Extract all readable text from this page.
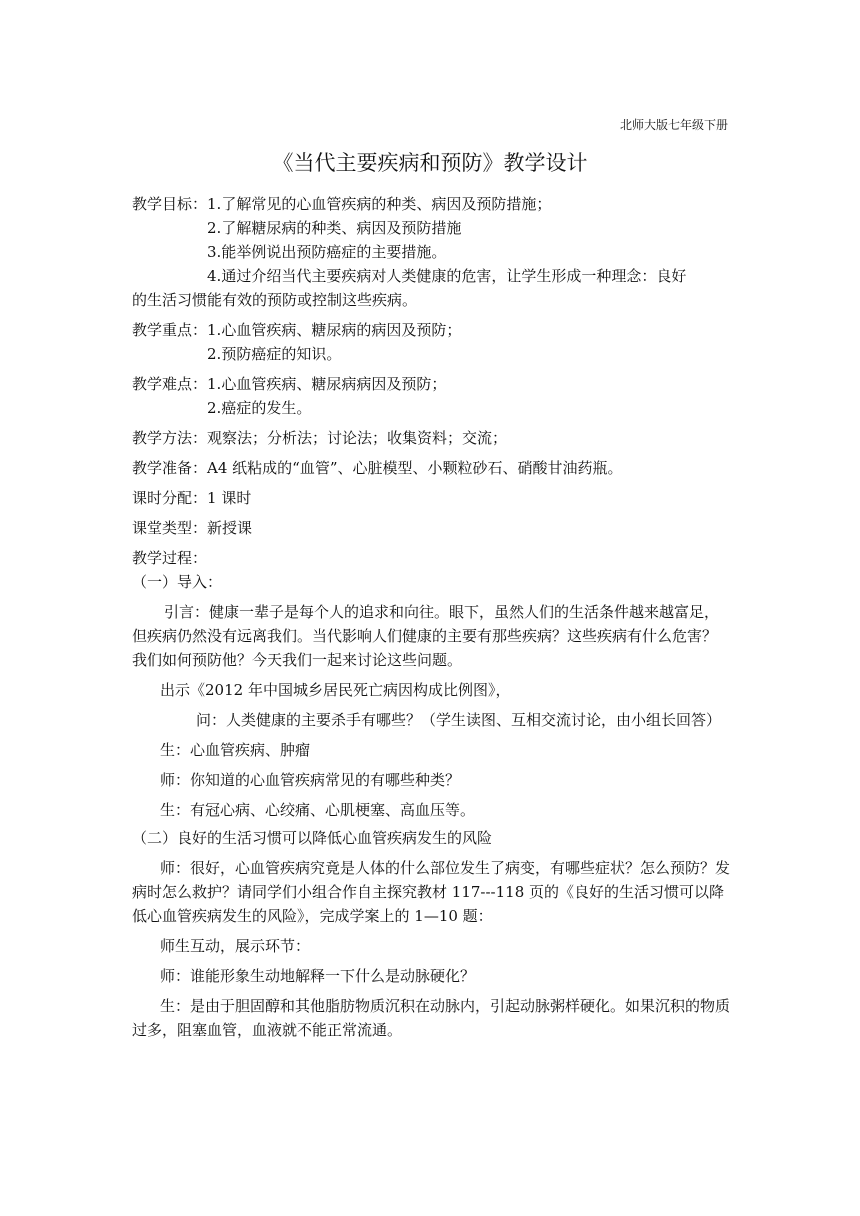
北师大版七年级下册
《当代主要疾病和预防》教学设计
教学目标： 1.了解常见的心血管疾病的种类、病因及预防措施；
2.了解糖尿病的种类、病因及预防措施
3.能举例说出预防癌症的主要措施。
4.通过介绍当代主要疾病对人类健康的危害，让学生形成一种理念：良好
的生活习惯能有效的预防或控制这些疾病。
教学重点： 1.心血管疾病、糖尿病的病因及预防；
2.预防癌症的知识。
教学难点： 1.心血管疾病、糖尿病病因及预防；
2.癌症的发生。
教学方法： 观察法；分析法；讨论法；收集资料；交流；
教学准备： A4 纸粘成的“血管”、心脏模型、小颗粒砂石、硝酸甘油药瓶。
课时分配： 1 课时
课堂类型： 新授课
教学过程：
（一）导入：
引言：健康一辈子是每个人的追求和向往。眼下，虽然人们的生活条件越来越富足，但疾病仍然没有远离我们。当代影响人们健康的主要有那些疾病？这些疾病有什么危害？我们如何预防他？今天我们一起来讨论这些问题。
出示《2012 年中国城乡居民死亡病因构成比例图》，
问：人类健康的主要杀手有哪些？（学生读图、互相交流讨论，由小组长回答）
生：心血管疾病、肿瘤
师：你知道的心血管疾病常见的有哪些种类？
生：有冠心病、心绞痛、心肌梗塞、高血压等。
（二）良好的生活习惯可以降低心血管疾病发生的风险
师：很好，心血管疾病究竟是人体的什么部位发生了病变，有哪些症状？怎么预防？发病时怎么救护？请同学们小组合作自主探究教材 117---118 页的《良好的生活习惯可以降低心血管疾病发生的风险》，完成学案上的 1—10 题：
师生互动，展示环节：
师：谁能形象生动地解释一下什么是动脉硬化？
生：是由于胆固醇和其他脂肪物质沉积在动脉内，引起动脉粥样硬化。如果沉积的物质过多，阻塞血管，血液就不能正常流通。
